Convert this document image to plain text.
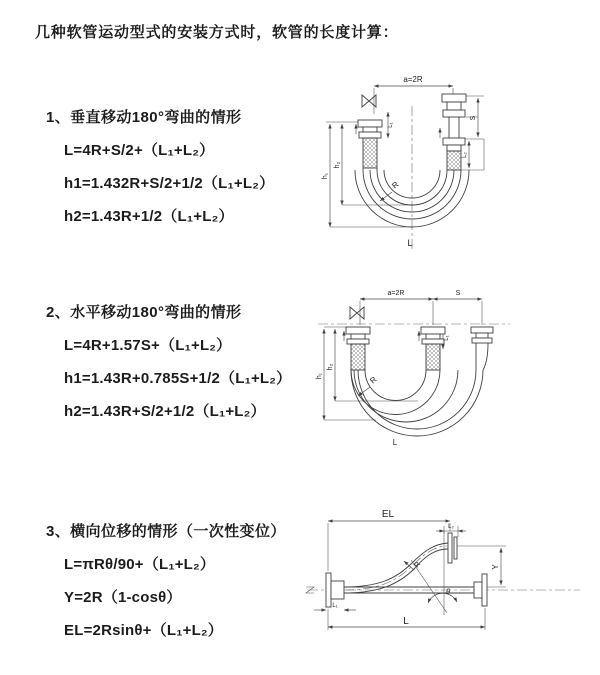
几种软管运动型式的安装方式时，软管的长度计算：
1、垂直移动180°弯曲的情形
L=4R+S/2+（L₁+L₂）
h1=1.432R+S/2+1/2（L₁+L₂）
h2=1.43R+1/2（L₁+L₂）
2、水平移动180°弯曲的情形
L=4R+1.57S+（L₁+L₂）
h1=1.43R+0.785S+1/2（L₁+L₂）
h2=1.43R+S/2+1/2（L₁+L₂）
3、横向位移的情形（一次性变位）
L=πRθ/90+（L₁+L₂）
Y=2R（1-cosθ）
EL=2Rsinθ+（L₁+L₂）
a=2R
L₁
S
L₂
h₁
h₂
R
L
a=2R	S
L₁
h₁
h₂
R
L
EL
L₂
Y
R
θ
L
L₁
